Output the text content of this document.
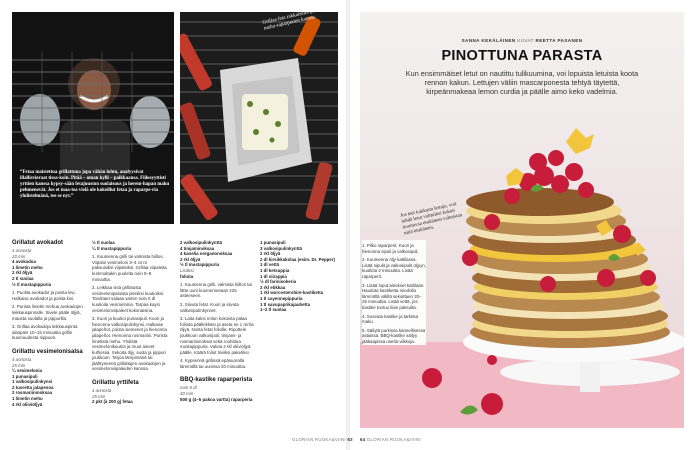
“Fetaa maistettua grillattuna jopa vähän lohtu, analyysivat illallisvieraat tissa-koin. Pitää – oman kylli – paikkaansa. Fiilosyyttisti yrttien kanssa kypsy-sään fetajuuston suolaisuus ja herem-hapan maku pehmenevät. Jos et maa-tea vielä ole kokeillut fetaa ja raparpe-ria yhdistelmänä, tee se nyt.”
Grillaa feta rakkaisella paketissa mehu-raparperien kanssa.
Grillatut avokadot
4 annosta
20 min
4 avokadoa
1 limetin mehu
2 rkl öljyä
2 tl suolaa
½ tl mustapippuria
1. Puolita avokadot ja poista kivi. Halkaise avokadot ja poista kivi.
2. Purista limetin mehua avokadojen leikkauspinnalle. Sivele pääle öljyä, mausta suolalla ja pippurilla.
3. Grillaa avokadoja leikkauspinta alaspäin 10–15 minuuttia grillin kuumuudesta riippuen.
Grillattu vesimelonisalsa
4 annosta
25 min
¼ vesimelonia
1 punasipuli
1 valkosipulinkynsi
2 tuoretta jalapenoa
2 rosmariininoksaa
1 limetin mehu
4 rkl oliiviöljyä
½ tl suolaa
¼ tl mustapippuria
1. Kuumenna grilli tai valmista hiillos. Viipaloi vesimeloni 3–4 cm:n paksuisiksi viipaleiksi. Grillaa viipaleita kummaltakin puolelta noin 5–8 minuuttia.
2. Leikkaa sisä grillatusta vesimelonipaloista pieniksi kuutioiksi. Tarvittaet salaaa varten noin 5 dl kuutioita vesimelonia. Tarpaa kaysi vesimelonviipaleet kokonaisina.
3. Kuori ja kuutioi punasipuli. Kuori ja hienonna valkosipulinkynsi. Halkaise jalapeñot, poista siemenet ja hienonna jalapeñot. Hienonna rosmariini. Purista limetistä mehu. Yhdistä vesimelonikuutiot ja muut aineet kulhossa. Sekoita öljy, suola ja pippuri joukkoon. Tarjoa lämpimänä tai jäähtyneenä grillattujen avokadojen ja vesimelonviipaleiden kanssa.
Grillattu yrttifeta
4 annosta
25 min
2 pkt (à 200 g) fetaa
2 valkosipulinkynttä
4 timjaminoksaa
4 kanelia oreganonoksaa
2 rkl öljyä
½ tl mustapippuria
Lisäksi:
foliota
1. Kuumenna grilli, valmista hiillos tai lätte uuni kuumennetaan 225 asteeseen.
2. Siivuta fetat. Kuori ja siivuta valkosipulinkynnet.
3. Laita kaksi reilun kokoista palaa folioita päällekkäin ja aseta ne 1 rei'ila öljyä. Nosta fetat foliolle. Ripottele joukkoon valkosipuli, timjami- ja rosmariininoksat sekä rouhittua mustapippuria. Valuta 2 rkl oliiviöljyä päälle. Käärä foliot tiiviiksi paketiksi.
4. Kypsennä grillissä epäsuoralla lämmöllä tai uunissa 20 minuuttia.
BBQ-kastike raparperista
noin 6 dl
40 min
500 g (4–5 pakoa vartta) raparperia
1 punasipuli
3 valkosipulinkynttä
2 rkl öljyä
2 dl kirsikkakolaa (esim. Dr. Pepper)
1 dl vettä
1 dl ketsuppia
1 dl siirappia
½ dl farinisokeria
2 rkl etikkaa
1 rkl worcestershire-kastiketta
1 tl cayennepippuria
1 tl savupaprikajauhetta
1–2 tl suolaa
GLORIAN RUOKA&VIINI 63
SANNA KEKÄLÄINEN KUVAT REETTA PASANEN
PINOTTUNA PARASTA
Kun ensimmäiset letut on nautittu tulikuumina, voi lopuista letuista koota rennon kakun. Lettujen väliin mascarponesta tehtyä täytettä, kirpeänmakeaa lemon curdia ja päälle aimo keko vadelmia.
Jos teet kakkuun lettuja, voit tehdä letut valmiiksi kakun koottavaa etukäteen valmistan niitä etukäteen.
1. Pilko raparperit. Kuori ja hienonna sipuli ja valkosipuli.
2. Kuumenna öljy kattilassa. Lisää sipulit ja valkosipulit öljyyn, kuullota 2 minuuttia. Lisää raparperit.
3. Lisää loput ainekset kattilaan. Hauduta kastiketta miedolla lämmöllä välillä sekoittaen 20–25 minuuttia. Lisää vettä, jos kastike tuntuu liian paksulta.
4. Soseuta kastike ja tarkista maku.
5. Säilytä purkissa kannellisessa astiassa. BBQ-kastike säilyy jääkaapissa useita viikkoja.
64 GLORIAN RUOKA&VIINI
